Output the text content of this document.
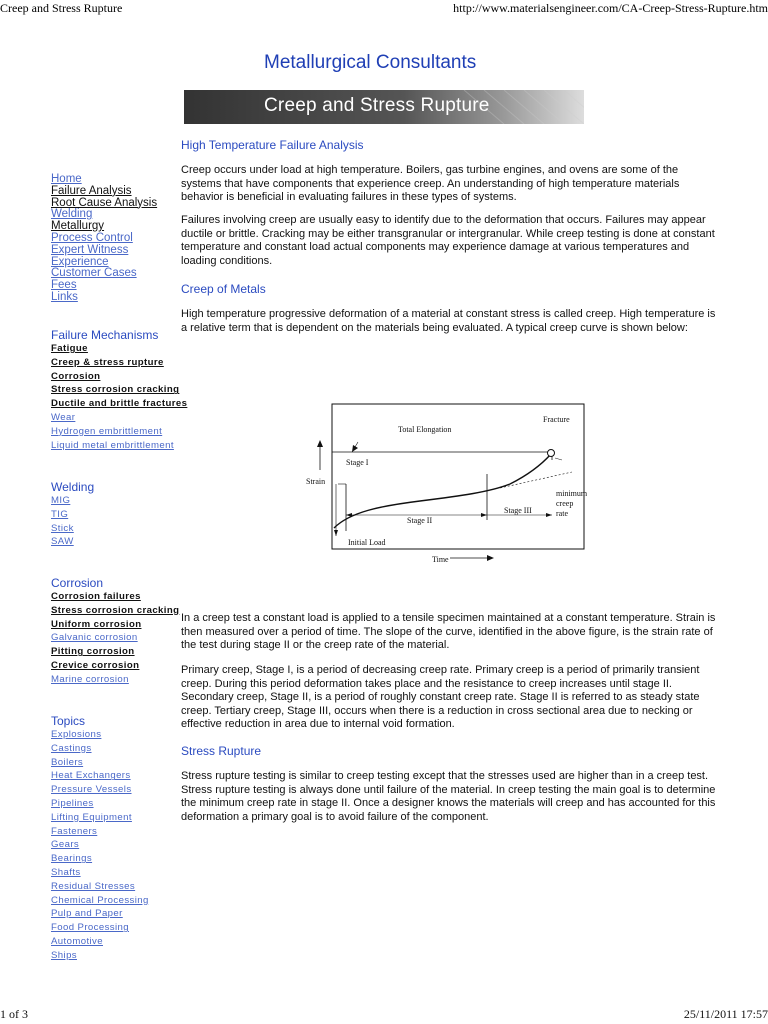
Creep and Stress Rupture	http://www.materialsengineer.com/CA-Creep-Stress-Rupture.htm
Metallurgical Consultants
Creep and Stress Rupture
Home
Failure Analysis
Root Cause Analysis
Welding
Metallurgy
Process Control
Expert Witness
Experience
Customer Cases
Fees
Links
Failure Mechanisms
Fatigue
Creep & stress rupture
Corrosion
Stress corrosion cracking
Ductile and brittle fractures
Wear
Hydrogen embrittlement
Liquid metal embrittlement
Welding
MIG
TIG
Stick
SAW
Corrosion
Corrosion failures
Stress corrosion cracking
Uniform corrosion
Galvanic corrosion
Pitting corrosion
Crevice corrosion
Marine corrosion
Topics
Explosions
Castings
Boilers
Heat Exchangers
Pressure Vessels
Pipelines
Lifting Equipment
Fasteners
Gears
Bearings
Shafts
Residual Stresses
Chemical Processing
Pulp and Paper
Food Processing
Automotive
Ships

High Temperature Failure Analysis

Creep occurs under load at high temperature. Boilers, gas turbine engines, and ovens are some of the systems that have components that experience creep. An understanding of high temperature materials behavior is beneficial in evaluating failures in these types of systems.

Failures involving creep are usually easy to identify due to the deformation that occurs. Failures may appear ductile or brittle. Cracking may be either transgranular or intergranular. While creep testing is done at constant temperature and constant load actual components may experience damage at various temperatures and loading conditions.

Creep of Metals

High temperature progressive deformation of a material at constant stress is called creep. High temperature is a relative term that is dependent on the materials being evaluated. A typical creep curve is shown below:

Total Elongation
Fracture
Stage I
Stage II
Stage III
Strain
Initial Load
Time
minimum
creep
rate

In a creep test a constant load is applied to a tensile specimen maintained at a constant temperature. Strain is then measured over a period of time. The slope of the curve, identified in the above figure, is the strain rate of the test during stage II or the creep rate of the material.

Primary creep, Stage I, is a period of decreasing creep rate. Primary creep is a period of primarily transient creep. During this period deformation takes place and the resistance to creep increases until stage II. Secondary creep, Stage II, is a period of roughly constant creep rate. Stage II is referred to as steady state creep. Tertiary creep, Stage III, occurs when there is a reduction in cross sectional area due to necking or effective reduction in area due to internal void formation.

Stress Rupture

Stress rupture testing is similar to creep testing except that the stresses used are higher than in a creep test. Stress rupture testing is always done until failure of the material. In creep testing the main goal is to determine the minimum creep rate in stage II. Once a designer knows the materials will creep and has accounted for this deformation a primary goal is to avoid failure of the component.

1 of 3	25/11/2011 17:57
